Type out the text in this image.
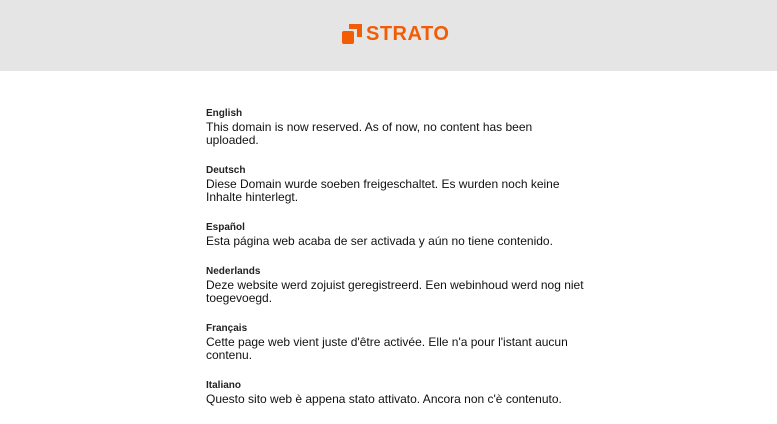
STRATO
English

This domain is now reserved. As of now, no content has been uploaded.

Deutsch

Diese Domain wurde soeben freigeschaltet. Es wurden noch keine Inhalte hinterlegt.

Español

Esta página web acaba de ser activada y aún no tiene contenido.

Nederlands

Deze website werd zojuist geregistreerd. Een webinhoud werd nog niet toegevoegd.

Français

Cette page web vient juste d'être activée. Elle n'a pour l'istant aucun contenu.

Italiano

Questo sito web è appena stato attivato. Ancora non c'è contenuto.
